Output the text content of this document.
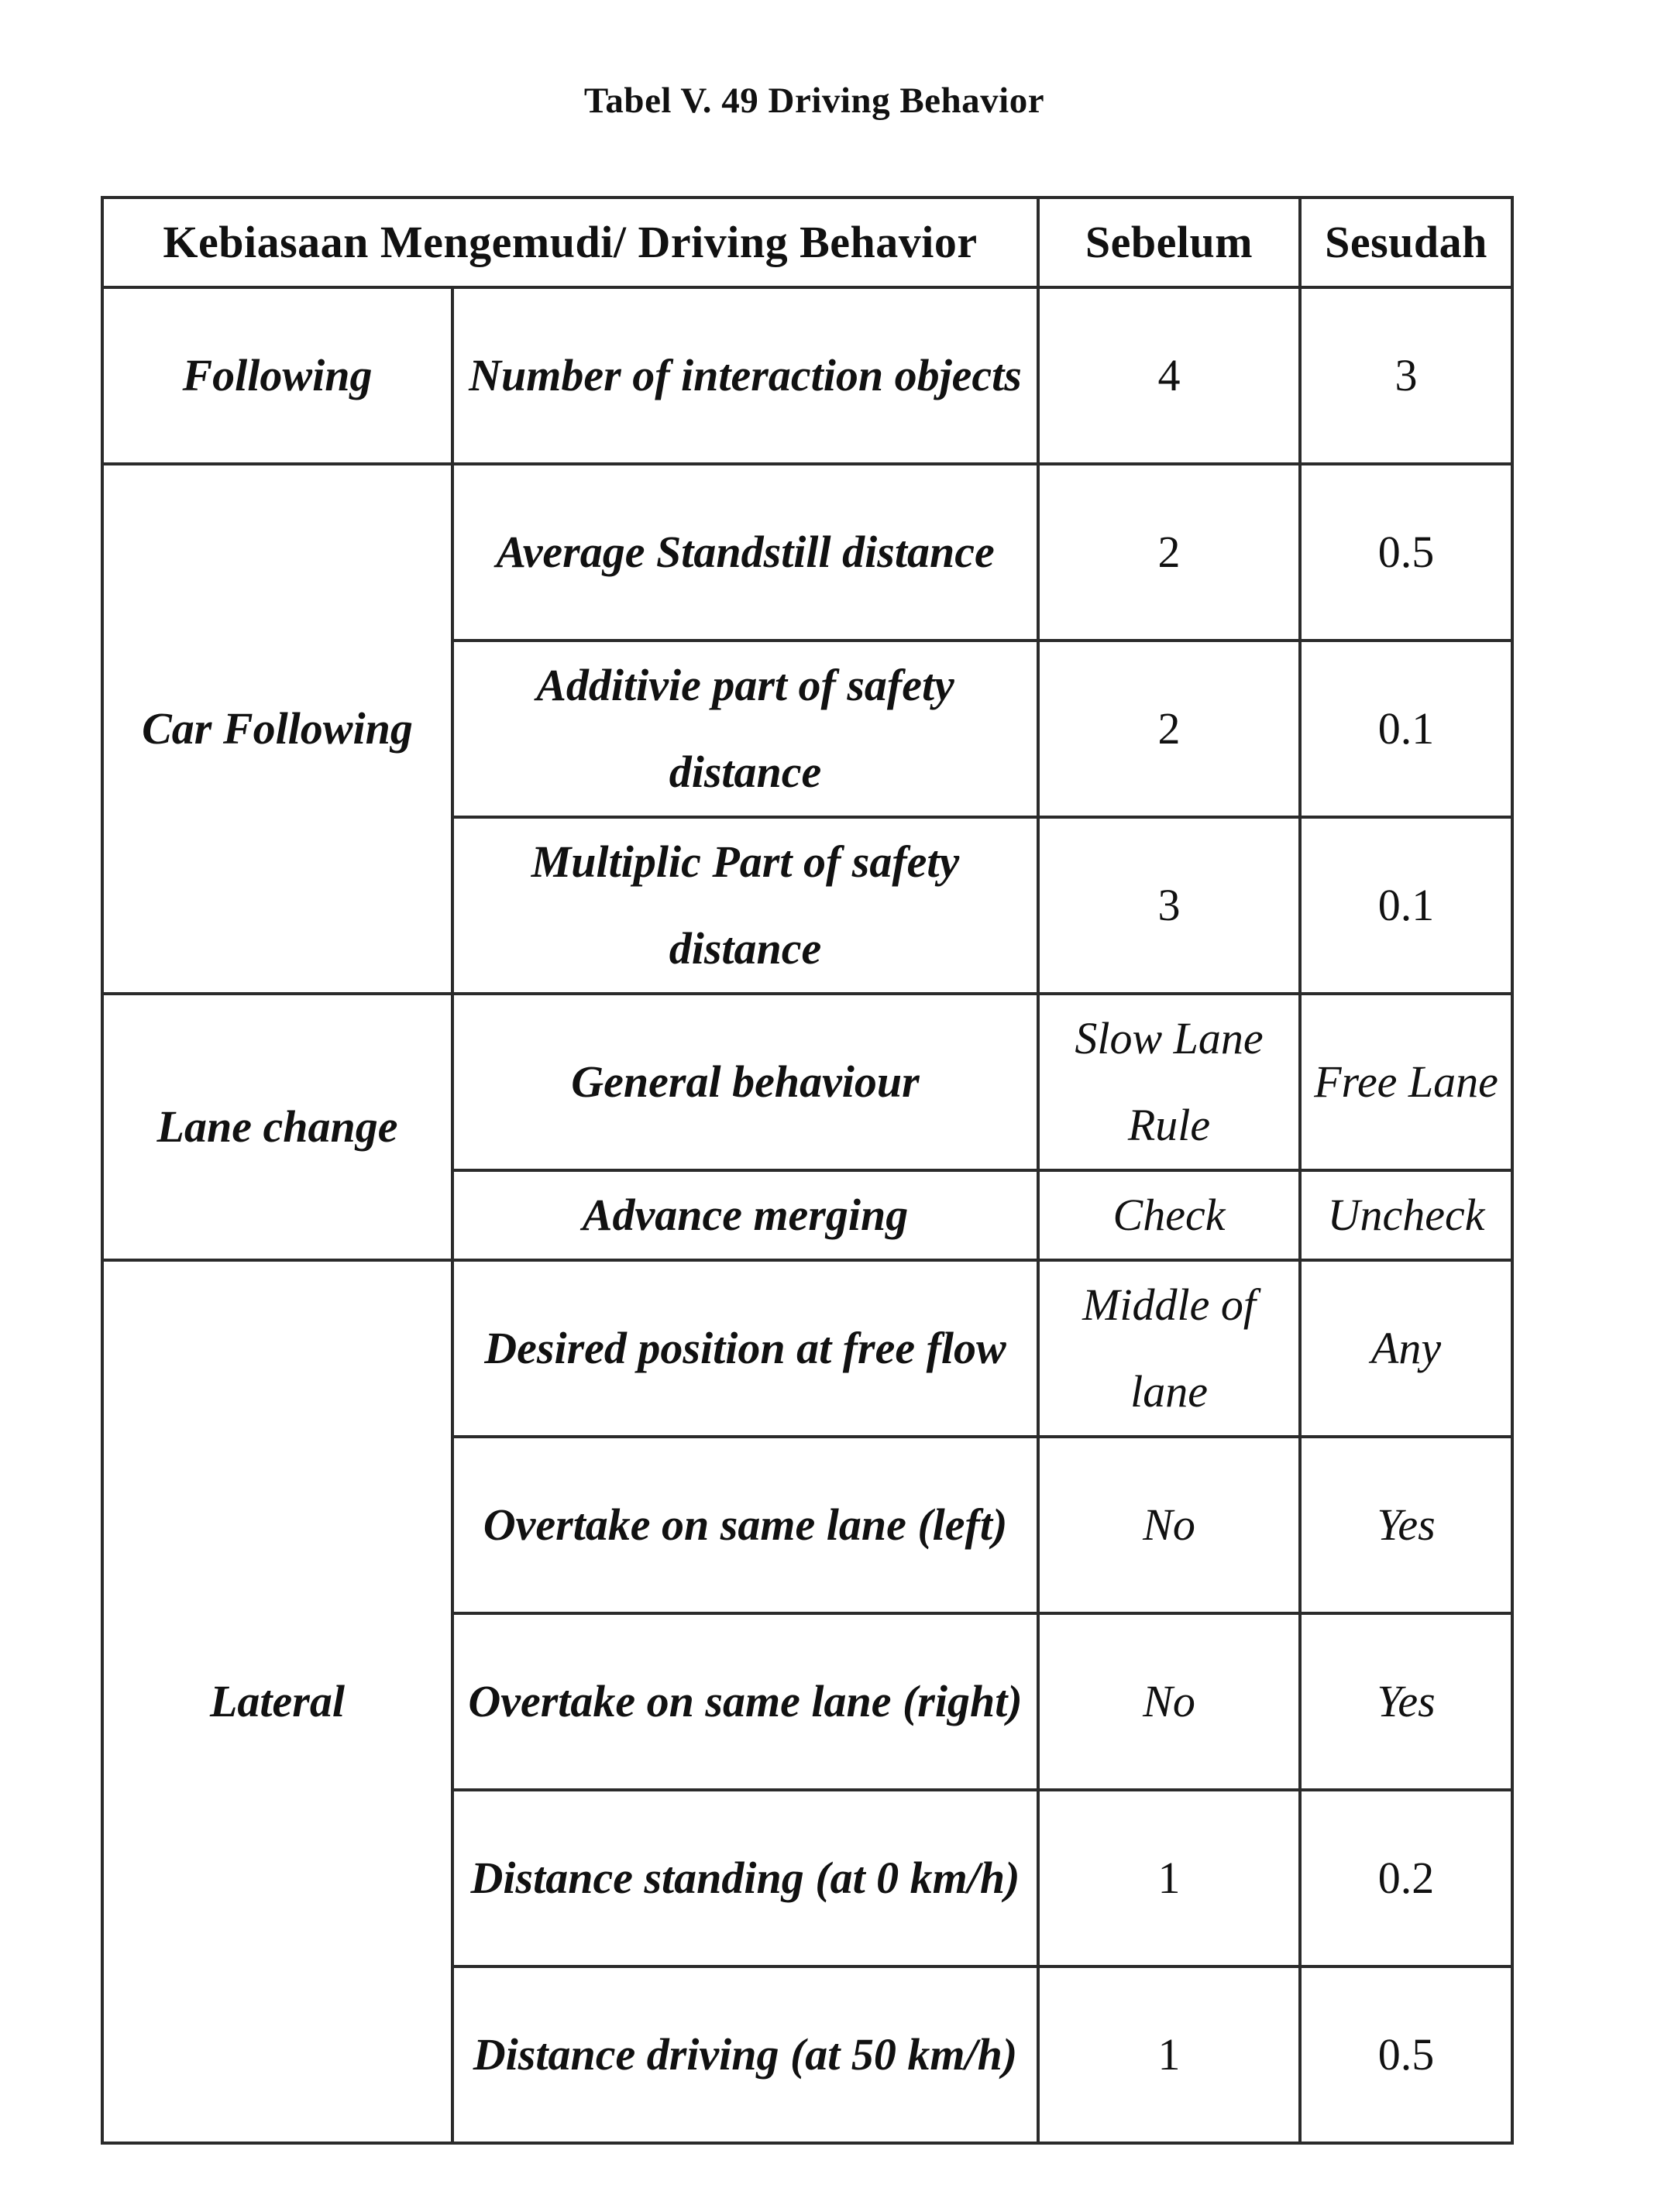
Tabel V. 49 Driving Behavior
Kebiasaan Mengemudi/ Driving Behavior		Sebelum	Sesudah
Following	Number of interaction objects	4	3
Car Following	Average Standstill distance	2	0.5
	Additivie part of safety distance	2	0.1
	Multiplic Part of safety distance	3	0.1
Lane change	General behaviour	Slow Lane Rule	Free Lane
	Advance merging	Check	Uncheck
Lateral	Desired position at free flow	Middle of lane	Any
	Overtake on same lane (left)	No	Yes
	Overtake on same lane (right)	No	Yes
	Distance standing (at 0 km/h)	1	0.2
	Distance driving (at 50 km/h)	1	0.5
